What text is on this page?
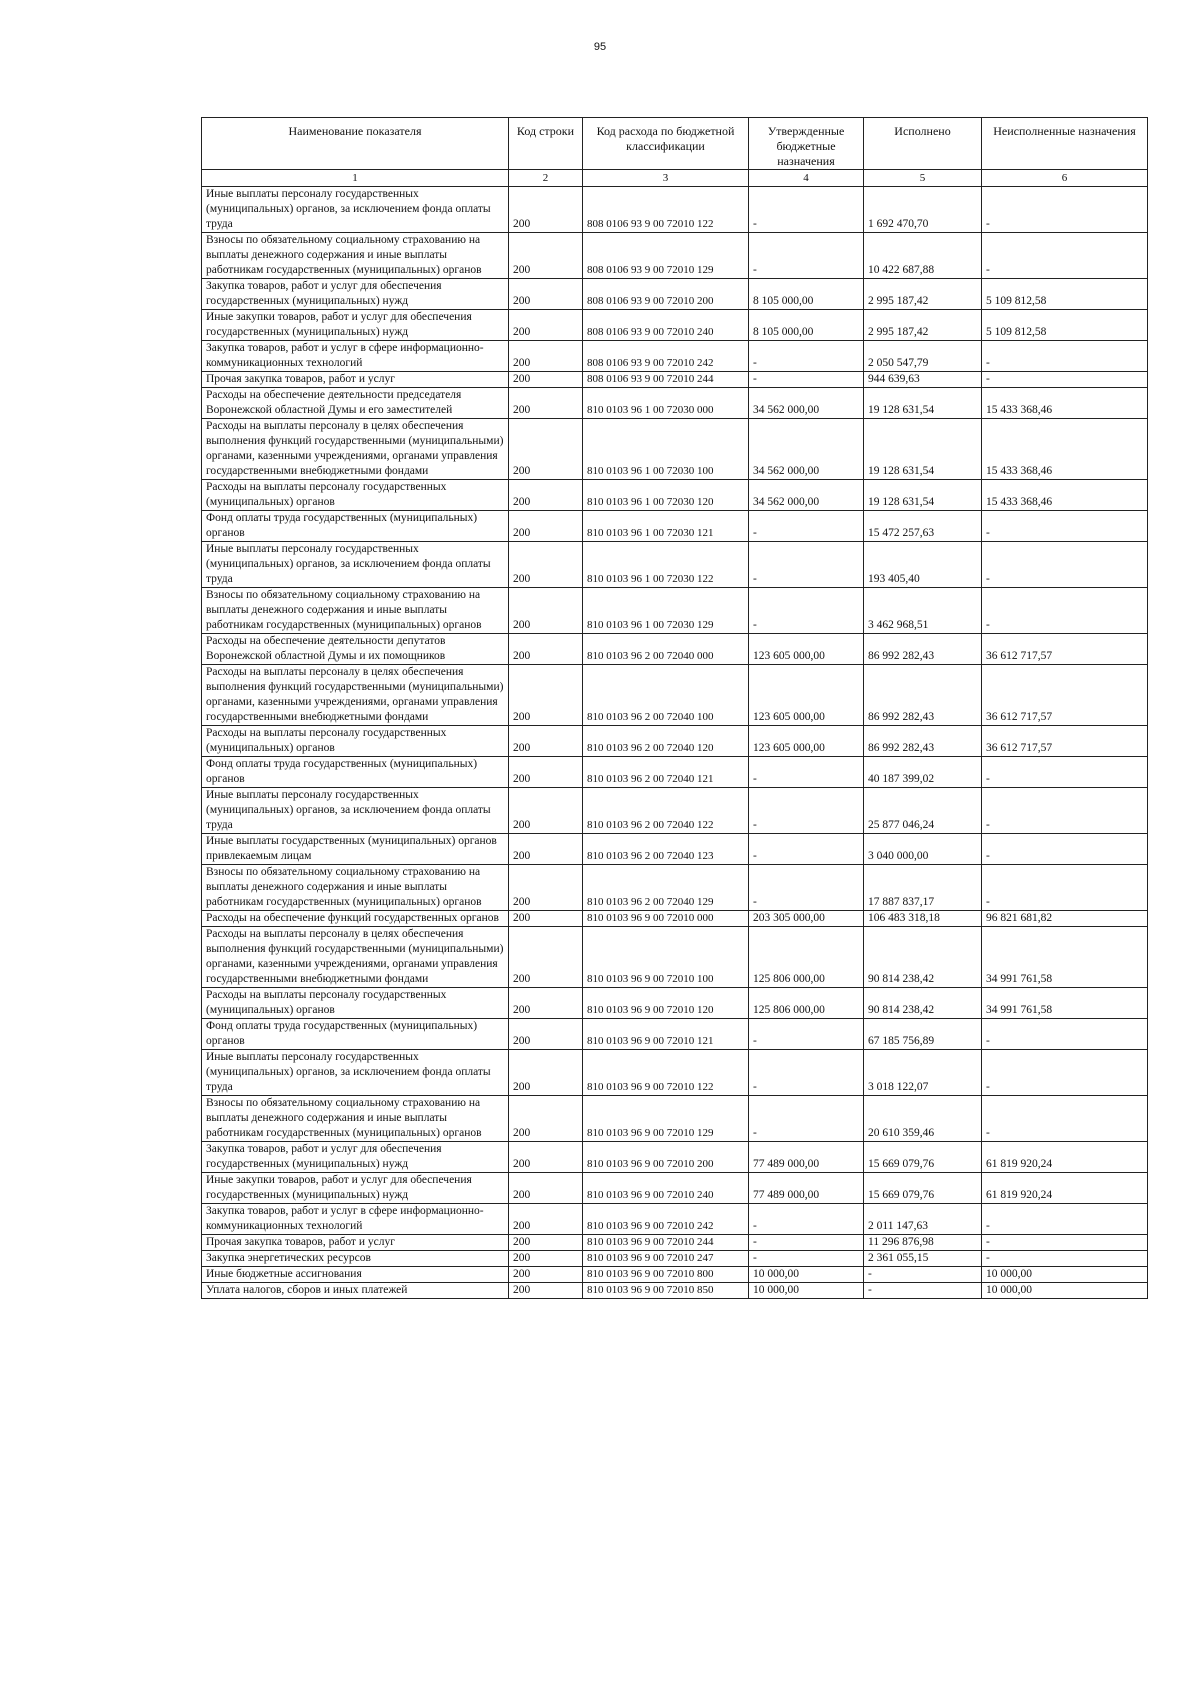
95
Наименование показателя	Код строки	Код расхода по бюджетной классификации	Утвержденные бюджетные назначения	Исполнено	Неисполненные назначения
1	2	3	4	5	6
Иные выплаты персоналу государственных (муниципальных) органов, за исключением фонда оплаты труда	200	808 0106 93 9 00 72010 122	-	1 692 470,70	-
Взносы по обязательному социальному страхованию на выплаты денежного содержания и иные выплаты работникам государственных (муниципальных) органов	200	808 0106 93 9 00 72010 129	-	10 422 687,88	-
Закупка товаров, работ и услуг для обеспечения государственных (муниципальных) нужд	200	808 0106 93 9 00 72010 200	8 105 000,00	2 995 187,42	5 109 812,58
Иные закупки товаров, работ и услуг для обеспечения государственных (муниципальных) нужд	200	808 0106 93 9 00 72010 240	8 105 000,00	2 995 187,42	5 109 812,58
Закупка товаров, работ и услуг в сфере информационно-коммуникационных технологий	200	808 0106 93 9 00 72010 242	-	2 050 547,79	-
Прочая закупка товаров, работ и услуг	200	808 0106 93 9 00 72010 244	-	944 639,63	-
Расходы на обеспечение деятельности председателя Воронежской областной Думы и его заместителей	200	810 0103 96 1 00 72030 000	34 562 000,00	19 128 631,54	15 433 368,46
Расходы на выплаты персоналу в целях обеспечения выполнения функций государственными (муниципальными) органами, казенными учреждениями, органами управления государственными внебюджетными фондами	200	810 0103 96 1 00 72030 100	34 562 000,00	19 128 631,54	15 433 368,46
Расходы на выплаты персоналу государственных (муниципальных) органов	200	810 0103 96 1 00 72030 120	34 562 000,00	19 128 631,54	15 433 368,46
Фонд оплаты труда государственных (муниципальных) органов	200	810 0103 96 1 00 72030 121	-	15 472 257,63	-
Иные выплаты персоналу государственных (муниципальных) органов, за исключением фонда оплаты труда	200	810 0103 96 1 00 72030 122	-	193 405,40	-
Взносы по обязательному социальному страхованию на выплаты денежного содержания и иные выплаты работникам государственных (муниципальных) органов	200	810 0103 96 1 00 72030 129	-	3 462 968,51	-
Расходы на обеспечение деятельности депутатов Воронежской областной Думы и их помощников	200	810 0103 96 2 00 72040 000	123 605 000,00	86 992 282,43	36 612 717,57
Расходы на выплаты персоналу в целях обеспечения выполнения функций государственными (муниципальными) органами, казенными учреждениями, органами управления государственными внебюджетными фондами	200	810 0103 96 2 00 72040 100	123 605 000,00	86 992 282,43	36 612 717,57
Расходы на выплаты персоналу государственных (муниципальных) органов	200	810 0103 96 2 00 72040 120	123 605 000,00	86 992 282,43	36 612 717,57
Фонд оплаты труда государственных (муниципальных) органов	200	810 0103 96 2 00 72040 121	-	40 187 399,02	-
Иные выплаты персоналу государственных (муниципальных) органов, за исключением фонда оплаты труда	200	810 0103 96 2 00 72040 122	-	25 877 046,24	-
Иные выплаты государственных (муниципальных) органов привлекаемым лицам	200	810 0103 96 2 00 72040 123	-	3 040 000,00	-
Взносы по обязательному социальному страхованию на выплаты денежного содержания и иные выплаты работникам государственных (муниципальных) органов	200	810 0103 96 2 00 72040 129	-	17 887 837,17	-
Расходы на обеспечение функций государственных органов	200	810 0103 96 9 00 72010 000	203 305 000,00	106 483 318,18	96 821 681,82
Расходы на выплаты персоналу в целях обеспечения выполнения функций государственными (муниципальными) органами, казенными учреждениями, органами управления государственными внебюджетными фондами	200	810 0103 96 9 00 72010 100	125 806 000,00	90 814 238,42	34 991 761,58
Расходы на выплаты персоналу государственных (муниципальных) органов	200	810 0103 96 9 00 72010 120	125 806 000,00	90 814 238,42	34 991 761,58
Фонд оплаты труда государственных (муниципальных) органов	200	810 0103 96 9 00 72010 121	-	67 185 756,89	-
Иные выплаты персоналу государственных (муниципальных) органов, за исключением фонда оплаты труда	200	810 0103 96 9 00 72010 122	-	3 018 122,07	-
Взносы по обязательному социальному страхованию на выплаты денежного содержания и иные выплаты работникам государственных (муниципальных) органов	200	810 0103 96 9 00 72010 129	-	20 610 359,46	-
Закупка товаров, работ и услуг для обеспечения государственных (муниципальных) нужд	200	810 0103 96 9 00 72010 200	77 489 000,00	15 669 079,76	61 819 920,24
Иные закупки товаров, работ и услуг для обеспечения государственных (муниципальных) нужд	200	810 0103 96 9 00 72010 240	77 489 000,00	15 669 079,76	61 819 920,24
Закупка товаров, работ и услуг в сфере информационно-коммуникационных технологий	200	810 0103 96 9 00 72010 242	-	2 011 147,63	-
Прочая закупка товаров, работ и услуг	200	810 0103 96 9 00 72010 244	-	11 296 876,98	-
Закупка энергетических ресурсов	200	810 0103 96 9 00 72010 247	-	2 361 055,15	-
Иные бюджетные ассигнования	200	810 0103 96 9 00 72010 800	10 000,00	-	10 000,00
Уплата налогов, сборов и иных платежей	200	810 0103 96 9 00 72010 850	10 000,00	-	10 000,00
